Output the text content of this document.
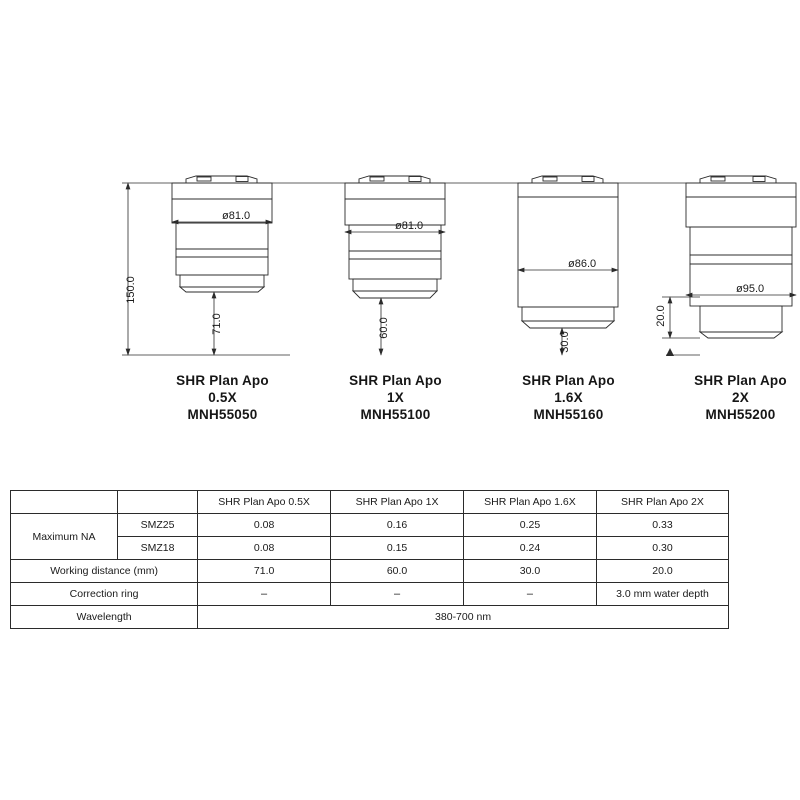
150.0
ø81.0
71.0
ø81.0
60.0
ø86.0
30.0
ø95.0
20.0
SHR Plan Apo
0.5X
MNH55050
SHR Plan Apo
1X
MNH55100
SHR Plan Apo
1.6X
MNH55160
SHR Plan Apo
2X
MNH55200
		SHR Plan Apo 0.5X	SHR Plan Apo 1X	SHR Plan Apo 1.6X	SHR Plan Apo 2X
Maximum NA	SMZ25	0.08	0.16	0.25	0.33
	SMZ18	0.08	0.15	0.24	0.30
Working distance (mm)		71.0	60.0	30.0	20.0
Correction ring		–	–	–	3.0 mm water depth
Wavelength		380-700 nm			
